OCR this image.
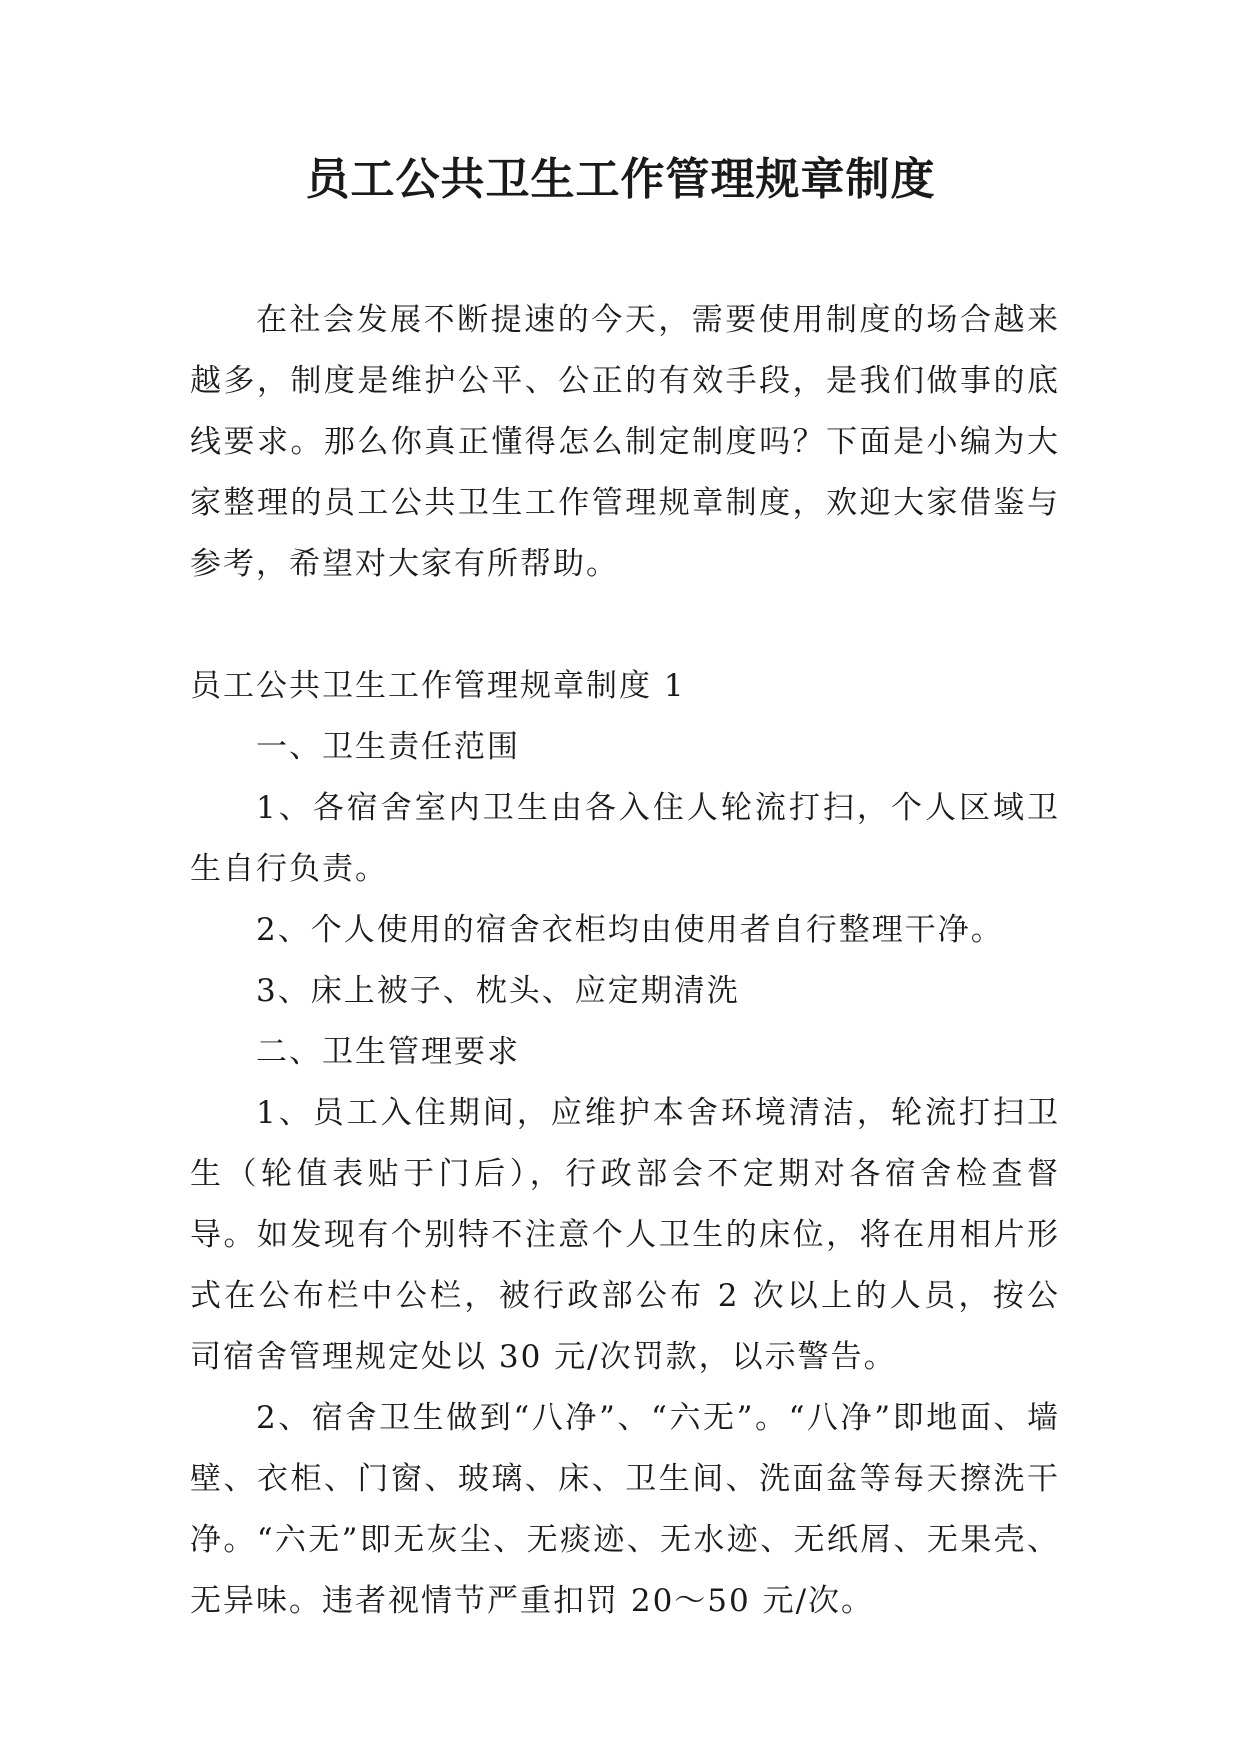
员工公共卫生工作管理规章制度

在社会发展不断提速的今天，需要使用制度的场合越来越多，制度是维护公平、公正的有效手段，是我们做事的底线要求。那么你真正懂得怎么制定制度吗？下面是小编为大家整理的员工公共卫生工作管理规章制度，欢迎大家借鉴与参考，希望对大家有所帮助。

员工公共卫生工作管理规章制度 1

一、卫生责任范围

1、各宿舍室内卫生由各入住人轮流打扫，个人区域卫生自行负责。

2、个人使用的宿舍衣柜均由使用者自行整理干净。

3、床上被子、枕头、应定期清洗

二、卫生管理要求

1、员工入住期间，应维护本舍环境清洁，轮流打扫卫生（轮值表贴于门后），行政部会不定期对各宿舍检查督导。如发现有个别特不注意个人卫生的床位，将在用相片形式在公布栏中公栏，被行政部公布 2 次以上的人员，按公司宿舍管理规定处以 30 元/次罚款，以示警告。

2、宿舍卫生做到“八净”、“六无”。“八净”即地面、墙壁、衣柜、门窗、玻璃、床、卫生间、洗面盆等每天擦洗干净。“六无”即无灰尘、无痰迹、无水迹、无纸屑、无果壳、无异味。违者视情节严重扣罚 20～50 元/次。
